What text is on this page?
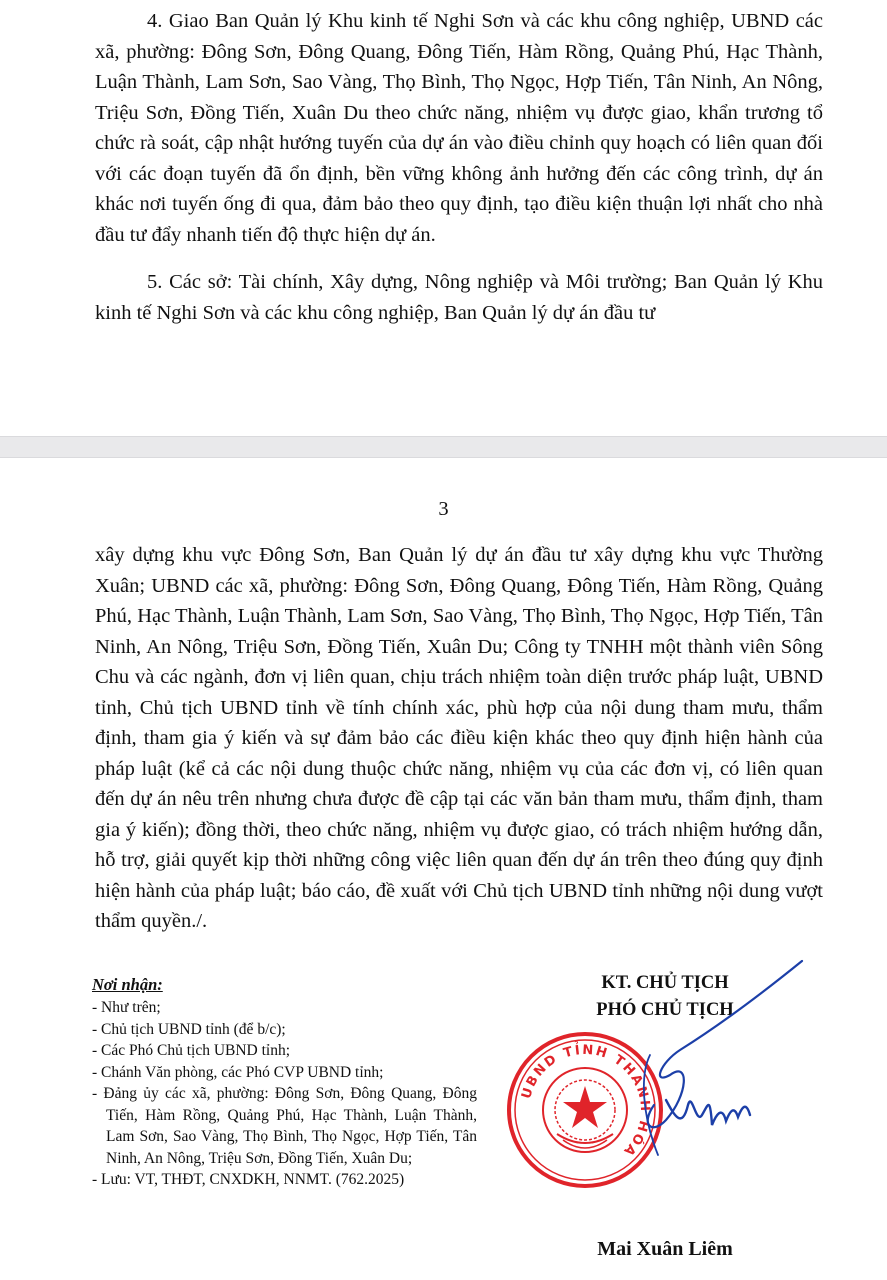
4. Giao Ban Quản lý Khu kinh tế Nghi Sơn và các khu công nghiệp, UBND các xã, phường: Đông Sơn, Đông Quang, Đông Tiến, Hàm Rồng, Quảng Phú, Hạc Thành, Luận Thành, Lam Sơn, Sao Vàng, Thọ Bình, Thọ Ngọc, Hợp Tiến, Tân Ninh, An Nông, Triệu Sơn, Đồng Tiến, Xuân Du theo chức năng, nhiệm vụ được giao, khẩn trương tổ chức rà soát, cập nhật hướng tuyến của dự án vào điều chỉnh quy hoạch có liên quan đối với các đoạn tuyến đã ổn định, bền vững không ảnh hưởng đến các công trình, dự án khác nơi tuyến ống đi qua, đảm bảo theo quy định, tạo điều kiện thuận lợi nhất cho nhà đầu tư đẩy nhanh tiến độ thực hiện dự án.

5. Các sở: Tài chính, Xây dựng, Nông nghiệp và Môi trường; Ban Quản lý Khu kinh tế Nghi Sơn và các khu công nghiệp, Ban Quản lý dự án đầu tư

3

xây dựng khu vực Đông Sơn, Ban Quản lý dự án đầu tư xây dựng khu vực Thường Xuân; UBND các xã, phường: Đông Sơn, Đông Quang, Đông Tiến, Hàm Rồng, Quảng Phú, Hạc Thành, Luận Thành, Lam Sơn, Sao Vàng, Thọ Bình, Thọ Ngọc, Hợp Tiến, Tân Ninh, An Nông, Triệu Sơn, Đồng Tiến, Xuân Du; Công ty TNHH một thành viên Sông Chu và các ngành, đơn vị liên quan, chịu trách nhiệm toàn diện trước pháp luật, UBND tỉnh, Chủ tịch UBND tỉnh về tính chính xác, phù hợp của nội dung tham mưu, thẩm định, tham gia ý kiến và sự đảm bảo các điều kiện khác theo quy định hiện hành của pháp luật (kể cả các nội dung thuộc chức năng, nhiệm vụ của các đơn vị, có liên quan đến dự án nêu trên nhưng chưa được đề cập tại các văn bản tham mưu, thẩm định, tham gia ý kiến); đồng thời, theo chức năng, nhiệm vụ được giao, có trách nhiệm hướng dẫn, hỗ trợ, giải quyết kịp thời những công việc liên quan đến dự án trên theo đúng quy định hiện hành của pháp luật; báo cáo, đề xuất với Chủ tịch UBND tỉnh những nội dung vượt thẩm quyền./.

Nơi nhận:
- Như trên;
- Chủ tịch UBND tỉnh (để b/c);
- Các Phó Chủ tịch UBND tỉnh;
- Chánh Văn phòng, các Phó CVP UBND tỉnh;
- Đảng ủy các xã, phường: Đông Sơn, Đông Quang, Đông Tiến, Hàm Rồng, Quảng Phú, Hạc Thành, Luận Thành, Lam Sơn, Sao Vàng, Thọ Bình, Thọ Ngọc, Hợp Tiến, Tân Ninh, An Nông, Triệu Sơn, Đồng Tiến, Xuân Du;
- Lưu: VT, THĐT, CNXDKH, NNMT. (762.2025)
KT. CHỦ TỊCH
PHÓ CHỦ TỊCH
UBND TỈNH THANH HÓA
Mai Xuân Liêm
